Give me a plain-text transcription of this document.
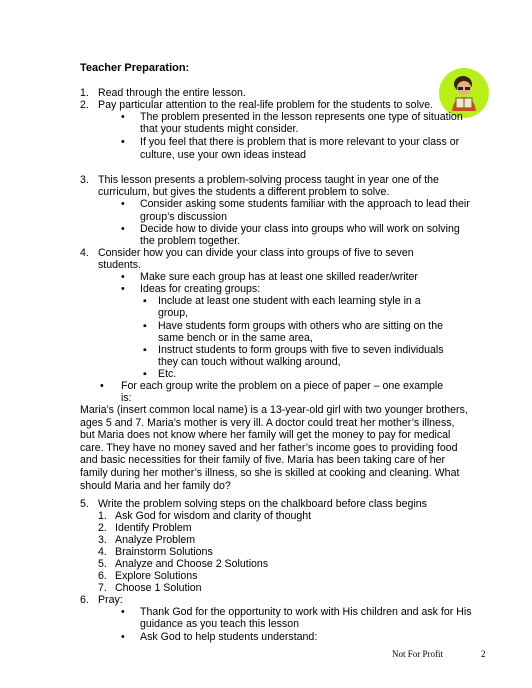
Teacher Preparation:

1. Read through the entire lesson.
2. Pay particular attention to the real-life problem for the students to solve.
• The problem presented in the lesson represents one type of situation
that your students might consider.
• If you feel that there is problem that is more relevant to your class or
culture, use your own ideas instead
3. This lesson presents a problem-solving process taught in year one of the
curriculum, but gives the students a different problem to solve.
• Consider asking some students familiar with the approach to lead their
group’s discussion
• Decide how to divide your class into groups who will work on solving
the problem together.
4. Consider how you can divide your class into groups of five to seven
students.
• Make sure each group has at least one skilled reader/writer
• Ideas for creating groups:
▪ Include at least one student with each learning style in a
group,
▪ Have students form groups with others who are sitting on the
same bench or in the same area,
▪ Instruct students to form groups with five to seven individuals
they can touch without walking around,
▪ Etc.
• For each group write the problem on a piece of paper – one example
is:

Maria’s (insert common local name) is a 13-year-old girl with two younger brothers, ages 5 and 7. Maria’s mother is very ill. A doctor could treat her mother’s illness, but Maria does not know where her family will get the money to pay for medical care. They have no money saved and her father’s income goes to providing food and basic necessities for their family of five. Maria has been taking care of her family during her mother’s illness, so she is skilled at cooking and cleaning. What should Maria and her family do?

5. Write the problem solving steps on the chalkboard before class begins
1. Ask God for wisdom and clarity of thought
2. Identify Problem
3. Analyze Problem
4. Brainstorm Solutions
5. Analyze and Choose 2 Solutions
6. Explore Solutions
7. Choose 1 Solution
6. Pray:
• Thank God for the opportunity to work with His children and ask for His
guidance as you teach this lesson
• Ask God to help students understand:
Not For Profit	2
